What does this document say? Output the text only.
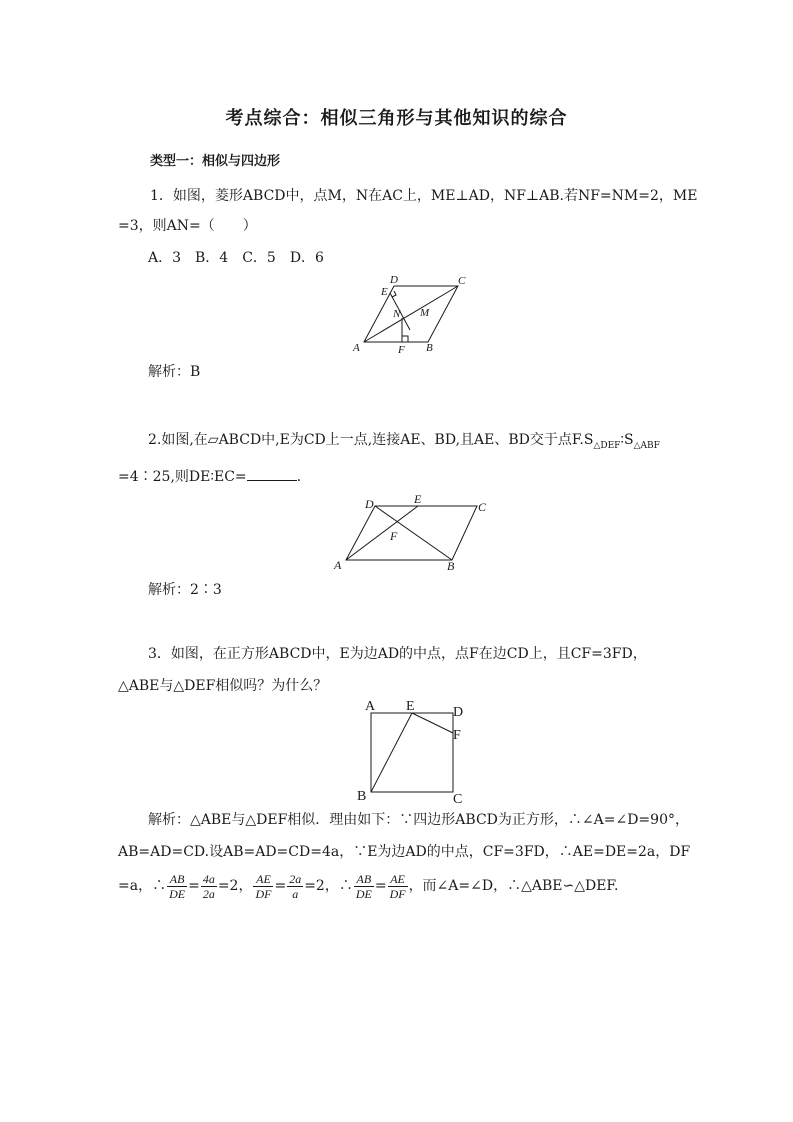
考点综合：相似三角形与其他知识的综合
类型一：相似与四边形
1．如图，菱形ABCD中，点M，N在AC上，ME⊥AD，NF⊥AB.若NF=NM=2，ME
=3，则AN=（　　）
A．3　B．4　C．5　D．6
A	B
C
D
E
F
M
N
解析：B
2.如图,在▱ABCD中,E为CD上一点,连接AE、BD,且AE、BD交于点$F.S_{\triangle DEF}∶S_{\triangle ABF}$
=4∶25,则DE∶EC=	.
A	B
C
D	E
F
解析：2∶3
3．如图，在正方形ABCD中，E为边AD的中点，点F在边CD上，且CF=3FD，
△ABE与△DEF相似吗？为什么？
A
B	C
D
E
F
解析：△ABE与△DEF相似．理由如下：∵四边形ABCD为正方形，∴∠A=∠D=90°，
AB=AD=CD.设AB=AD=CD=4a，∵E为边AD的中点，CF=3FD，∴AE=DE=2a，DF
=a，∴ $\frac{AB}{DE} = \frac{4a}{2a} =2$， $\frac{AE}{DF} = \frac{2a}{a} =2$，∴ $\frac{AB}{DE} = \frac{AE}{DF}$ ，而∠A=∠D，∴△ABE∽△DEF.
